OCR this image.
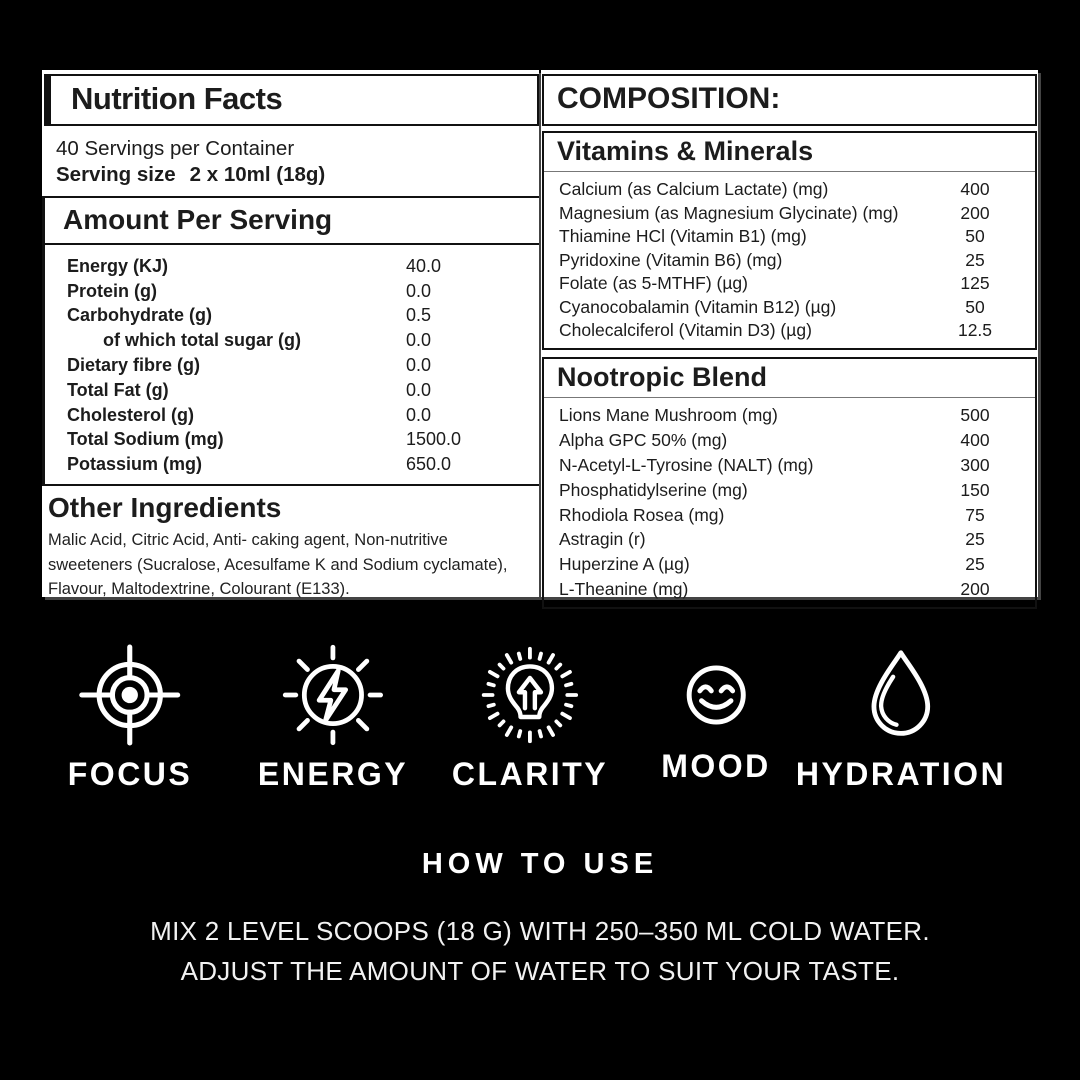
Nutrition Facts
40 Servings per Container
Serving size 2 x 10ml (18g)
Amount Per Serving
Energy (KJ)	40.0
Protein (g)	0.0
Carbohydrate (g)	0.5
of which total sugar (g)	0.0
Dietary fibre (g)	0.0
Total Fat (g)	0.0
Cholesterol (g)	0.0
Total Sodium (mg)	1500.0
Potassium (mg)	650.0
Other Ingredients

Malic Acid, Citric Acid, Anti- caking agent, Non-nutritive sweeteners (Sucralose, Acesulfame K and Sodium cyclamate), Flavour, Maltodextrine, Colourant (E133).

COMPOSITION:
Vitamins & Minerals
Calcium (as Calcium Lactate) (mg)	400
Magnesium (as Magnesium Glycinate) (mg)	200
Thiamine HCl (Vitamin B1) (mg)	50
Pyridoxine (Vitamin B6) (mg)	25
Folate (as 5-MTHF) (µg)	125
Cyanocobalamin (Vitamin B12) (µg)	50
Cholecalciferol (Vitamin D3) (µg)	12.5
Nootropic Blend
Lions Mane Mushroom (mg)	500
Alpha GPC 50% (mg)	400
N-Acetyl-L-Tyrosine (NALT) (mg)	300
Phosphatidylserine (mg)	150
Rhodiola Rosea (mg)	75
Astragin (r)	25
Huperzine A (µg)	25
L-Theanine (mg)	200
FOCUS ENERGY CLARITY MOOD HYDRATION
HOW TO USE

MIX 2 LEVEL SCOOPS (18 G) WITH 250–350 ML COLD WATER.

ADJUST THE AMOUNT OF WATER TO SUIT YOUR TASTE.
